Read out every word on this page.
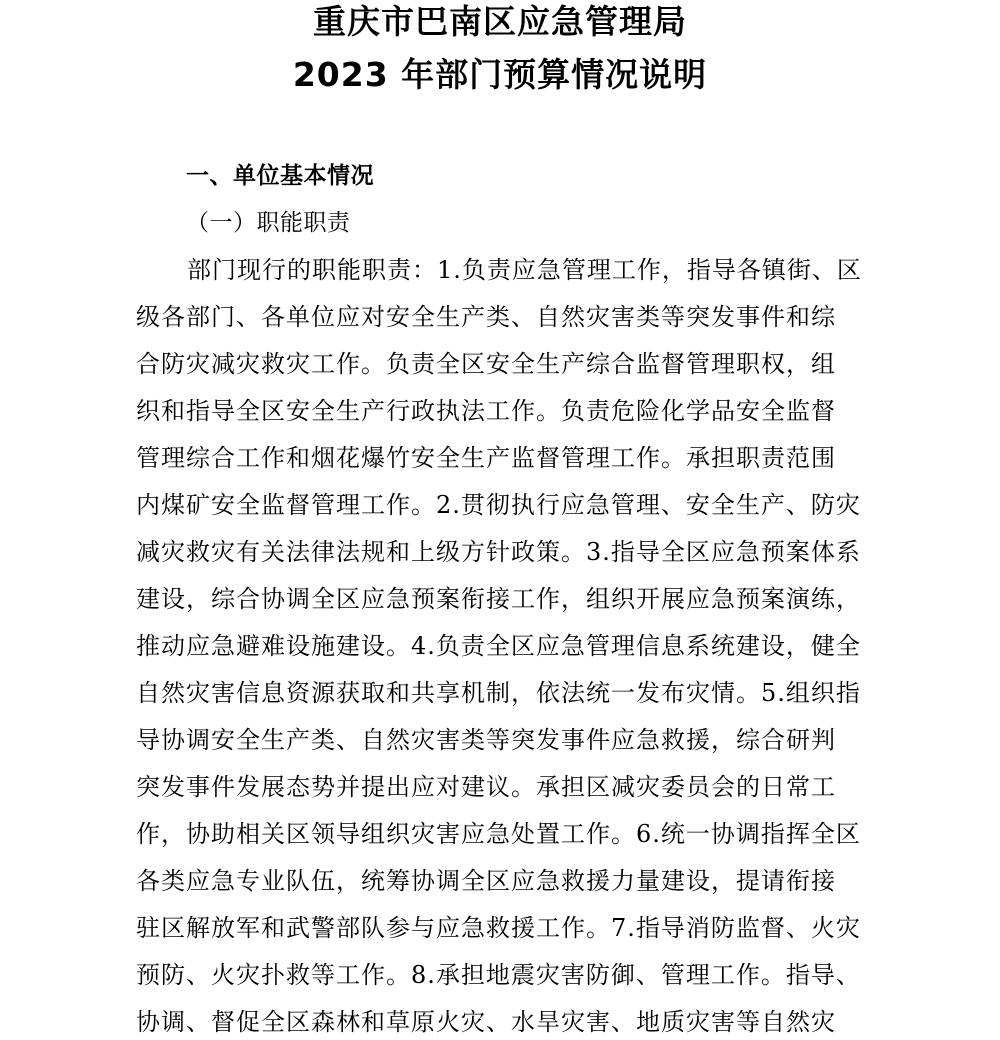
重庆市巴南区应急管理局
2023 年部门预算情况说明
一、单位基本情况
（一）职能职责
部门现行的职能职责：1.负责应急管理工作，指导各镇街、区
级各部门、各单位应对安全生产类、自然灾害类等突发事件和综
合防灾减灾救灾工作。负责全区安全生产综合监督管理职权，组
织和指导全区安全生产行政执法工作。负责危险化学品安全监督
管理综合工作和烟花爆竹安全生产监督管理工作。承担职责范围
内煤矿安全监督管理工作。2.贯彻执行应急管理、安全生产、防灾
减灾救灾有关法律法规和上级方针政策。3.指导全区应急预案体系
建设，综合协调全区应急预案衔接工作，组织开展应急预案演练，
推动应急避难设施建设。4.负责全区应急管理信息系统建设，健全
自然灾害信息资源获取和共享机制，依法统一发布灾情。5.组织指
导协调安全生产类、自然灾害类等突发事件应急救援，综合研判
突发事件发展态势并提出应对建议。承担区减灾委员会的日常工
作，协助相关区领导组织灾害应急处置工作。6.统一协调指挥全区
各类应急专业队伍，统筹协调全区应急救援力量建设，提请衔接
驻区解放军和武警部队参与应急救援工作。7.指导消防监督、火灾
预防、火灾扑救等工作。8.承担地震灾害防御、管理工作。指导、
协调、督促全区森林和草原火灾、水旱灾害、地质灾害等自然灾
